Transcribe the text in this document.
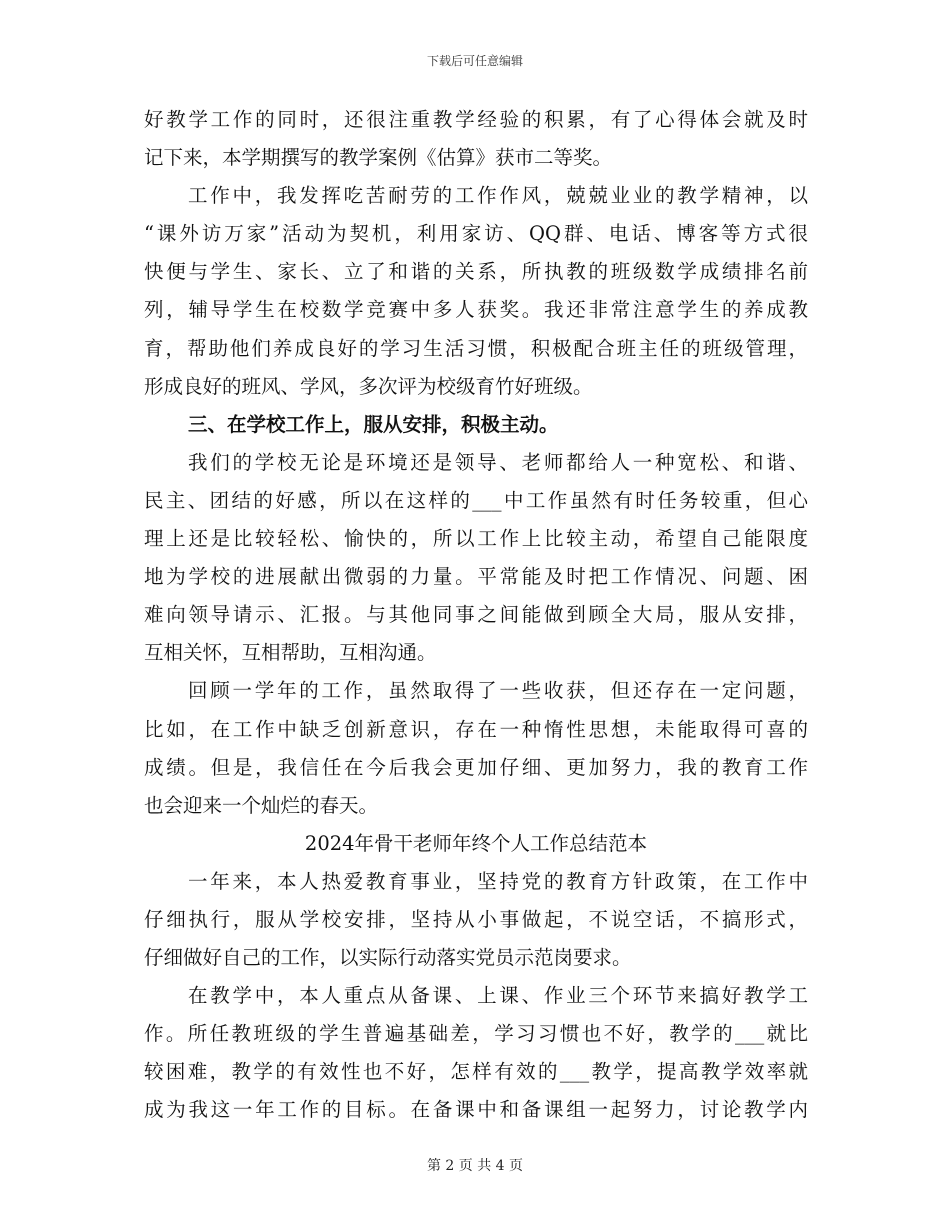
下载后可任意编辑
好教学工作的同时，还很注重教学经验的积累，有了心得体会就及时
记下来，本学期撰写的教学案例《估算》获市二等奖。
工作中，我发挥吃苦耐劳的工作作风，兢兢业业的教学精神，以
“课外访万家”活动为契机，利用家访、QQ群、电话、博客等方式很
快便与学生、家长、立了和谐的关系，所执教的班级数学成绩排名前
列，辅导学生在校数学竞赛中多人获奖。我还非常注意学生的养成教
育，帮助他们养成良好的学习生活习惯，积极配合班主任的班级管理，
形成良好的班风、学风，多次评为校级育竹好班级。
三、在学校工作上，服从安排，积极主动。
我们的学校无论是环境还是领导、老师都给人一种宽松、和谐、
民主、团结的好感，所以在这样的___中工作虽然有时任务较重，但心
理上还是比较轻松、愉快的，所以工作上比较主动，希望自己能限度
地为学校的进展献出微弱的力量。平常能及时把工作情况、问题、困
难向领导请示、汇报。与其他同事之间能做到顾全大局，服从安排，
互相关怀，互相帮助，互相沟通。
回顾一学年的工作，虽然取得了一些收获，但还存在一定问题，
比如，在工作中缺乏创新意识，存在一种惰性思想，未能取得可喜的
成绩。但是，我信任在今后我会更加仔细、更加努力，我的教育工作
也会迎来一个灿烂的春天。
2024年骨干老师年终个人工作总结范本
一年来，本人热爱教育事业，坚持党的教育方针政策，在工作中
仔细执行，服从学校安排，坚持从小事做起，不说空话，不搞形式，
仔细做好自己的工作，以实际行动落实党员示范岗要求。
在教学中，本人重点从备课、上课、作业三个环节来搞好教学工
作。所任教班级的学生普遍基础差，学习习惯也不好，教学的___就比
较困难，教学的有效性也不好，怎样有效的___教学，提高教学效率就
成为我这一年工作的目标。在备课中和备课组一起努力，讨论教学内
第 2 页 共 4 页
